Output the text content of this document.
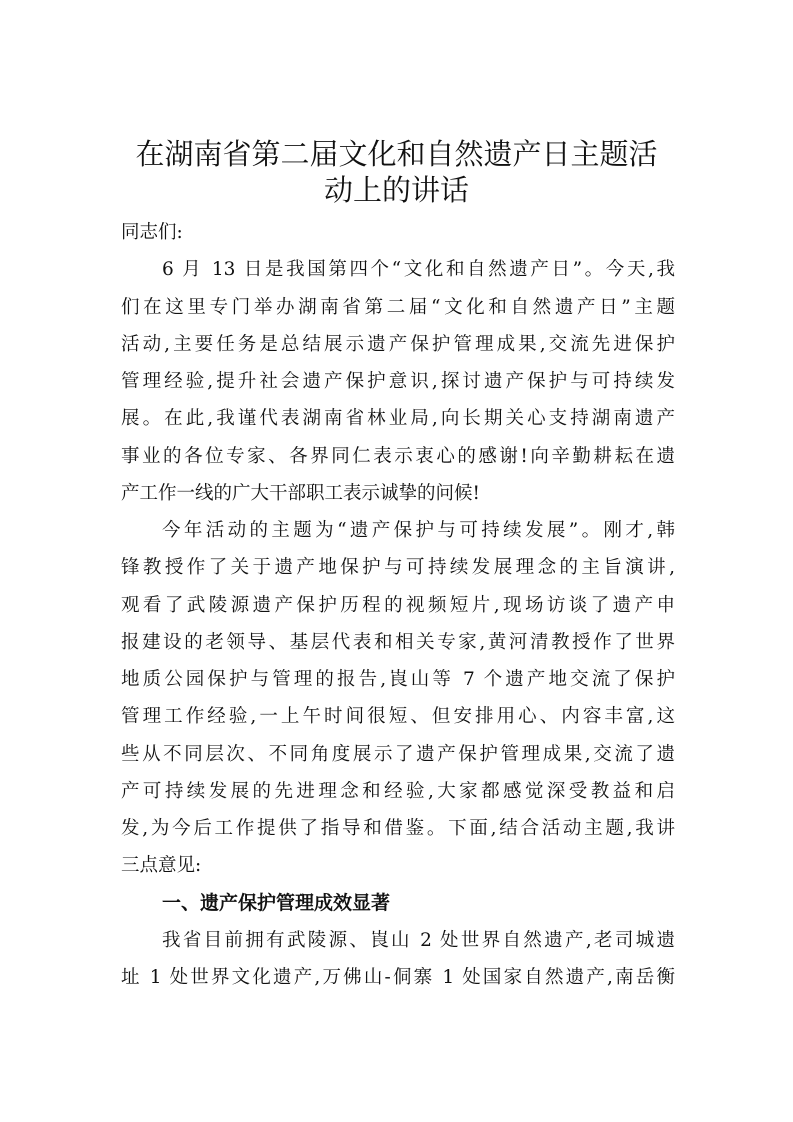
在湖南省第二届文化和自然遗产日主题活
动上的讲话
同志们:
6 月 13 日是我国第四个“文化和自然遗产日”。今天,我
们在这里专门举办湖南省第二届“文化和自然遗产日”主题
活动,主要任务是总结展示遗产保护管理成果,交流先进保护
管理经验,提升社会遗产保护意识,探讨遗产保护与可持续发
展。在此,我谨代表湖南省林业局,向长期关心支持湖南遗产
事业的各位专家、各界同仁表示衷心的感谢!向辛勤耕耘在遗
产工作一线的广大干部职工表示诚挚的问候!
今年活动的主题为“遗产保护与可持续发展”。刚才,韩
锋教授作了关于遗产地保护与可持续发展理念的主旨演讲,
观看了武陵源遗产保护历程的视频短片,现场访谈了遗产申
报建设的老领导、基层代表和相关专家,黄河清教授作了世界
地质公园保护与管理的报告,崀山等 7 个遗产地交流了保护
管理工作经验,一上午时间很短、但安排用心、内容丰富,这
些从不同层次、不同角度展示了遗产保护管理成果,交流了遗
产可持续发展的先进理念和经验,大家都感觉深受教益和启
发,为今后工作提供了指导和借鉴。下面,结合活动主题,我讲
三点意见:
一、遗产保护管理成效显著
我省目前拥有武陵源、崀山 2 处世界自然遗产,老司城遗
址 1 处世界文化遗产,万佛山-侗寨 1 处国家自然遗产,南岳衡
